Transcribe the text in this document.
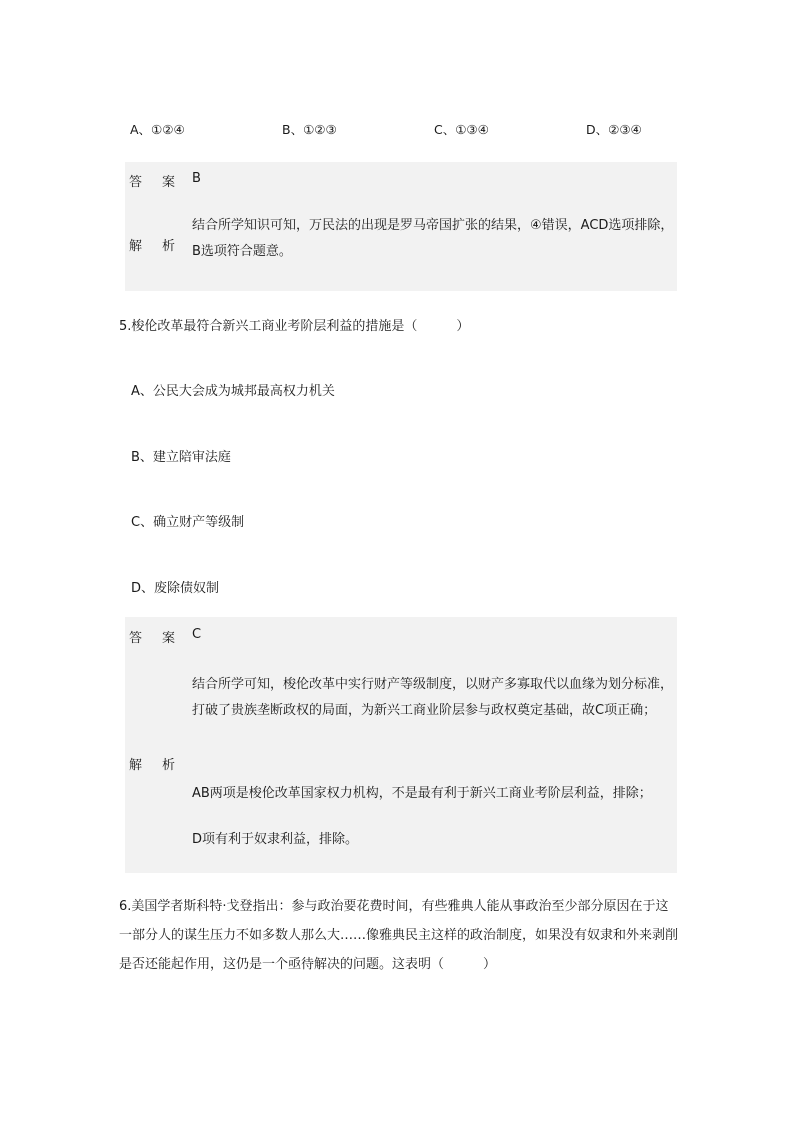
A、①②④	B、①②③	C、①③④	D、②③④
答 案 B
解 析
结合所学知识可知，万民法的出现是罗马帝国扩张的结果，④错误，ACD选项排除，B选项符合题意。
5.梭伦改革最符合新兴工商业考阶层利益的措施是（　　　）
A、公民大会成为城邦最高权力机关
B、建立陪审法庭
C、确立财产等级制
D、废除债奴制
答 案 C
解 析
结合所学可知，梭伦改革中实行财产等级制度，以财产多寡取代以血缘为划分标准，打破了贵族垄断政权的局面，为新兴工商业阶层参与政权奠定基础，故C项正确；
AB两项是梭伦改革国家权力机构，不是最有利于新兴工商业考阶层利益，排除；
D项有利于奴隶利益，排除。
6.美国学者斯科特·戈登指出：参与政治要花费时间，有些雅典人能从事政治至少部分原因在于这一部分人的谋生压力不如多数人那么大……像雅典民主这样的政治制度，如果没有奴隶和外来剥削是否还能起作用，这仍是一个亟待解决的问题。这表明（　　　）
